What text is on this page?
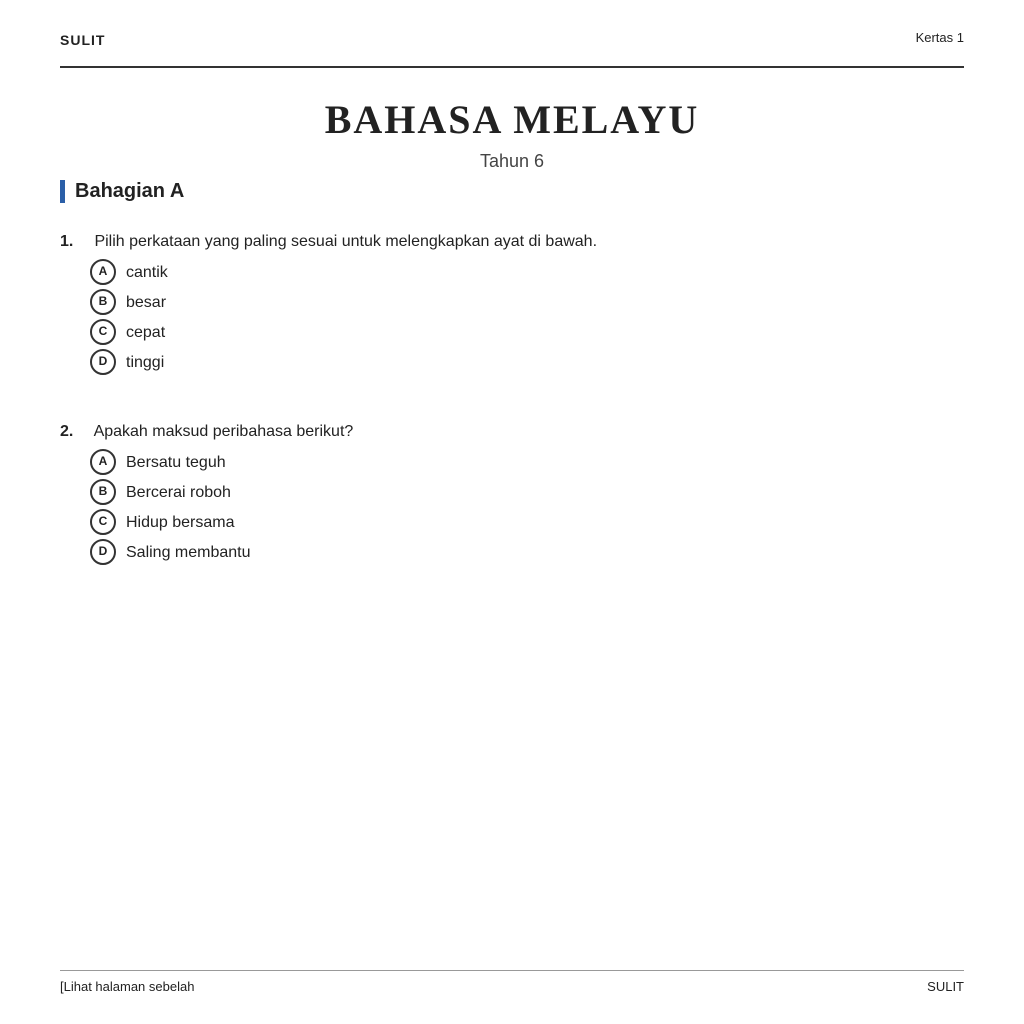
SULIT	Kertas 1
BAHASA MELAYU
Tahun 6
Bahagian A
1. Pilih perkataan yang paling sesuai untuk melengkapkan ayat di bawah.
A	cantik
B	besar
C	cepat
D	tinggi
2. Apakah maksud peribahasa berikut?
A	Bersatu teguh
B	Bercerai roboh
C	Hidup bersama
D	Saling membantu
[Lihat halaman sebelah	SULIT
